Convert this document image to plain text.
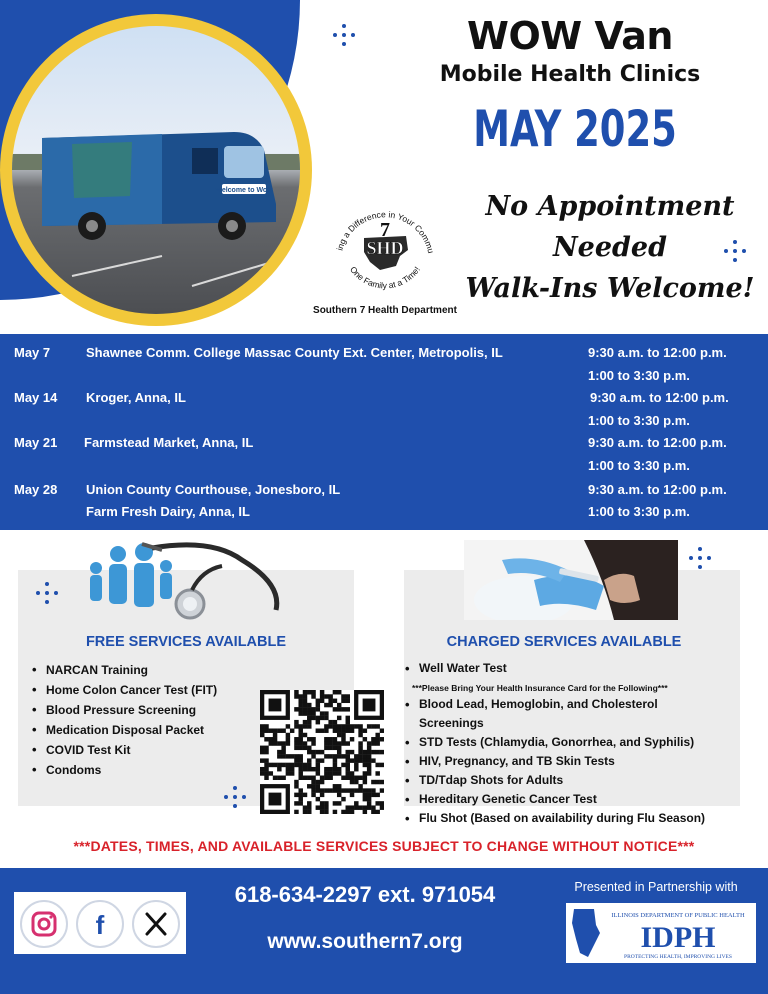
Welcome to Wow
WOW Van
Mobile Health Clinics
MAY 2025
No Appointment
Needed
Walk-Ins Welcome!
ing a Difference in Your Commu
One Family at a Time!
7
SHD
Southern 7 Health Department
May 7	Shawnee Comm. College Massac County Ext. Center, Metropolis, IL	9:30 a.m. to 12:00 p.m.
1:00 to 3:30 p.m.
May 14 Kroger, Anna, IL	9:30 a.m. to 12:00 p.m.
1:00 to 3:30 p.m.
May 21 Farmstead Market, Anna, IL	9:30 a.m. to 12:00 p.m.
1:00 to 3:30 p.m.
May 28 Union County Courthouse, Jonesboro, IL	9:30 a.m. to 12:00 p.m.
Farm Fresh Dairy, Anna, IL	1:00 to 3:30 p.m.
FREE SERVICES AVAILABLE	CHARGED SERVICES AVAILABLE
• NARCAN Training
• Home Colon Cancer Test (FIT)
• Blood Pressure Screening
• Medication Disposal Packet
• COVID Test Kit
• Condoms
• Well Water Test
***Please Bring Your Health Insurance Card for the Following***
• Blood Lead, Hemoglobin, and Cholesterol
Screenings
• STD Tests (Chlamydia, Gonorrhea, and Syphilis)
• HIV, Pregnancy, and TB Skin Tests
• TD/Tdap Shots for Adults
• Hereditary Genetic Cancer Test
• Flu Shot (Based on availability during Flu Season)
***DATES, TIMES, AND AVAILABLE SERVICES SUBJECT TO CHANGE WITHOUT NOTICE***
f
618-634-2297 ext. 971054
www.southern7.org
Presented in Partnership with
ILLINOIS DEPARTMENT OF PUBLIC HEALTH
IDPH
PROTECTING HEALTH, IMPROVING LIVES
